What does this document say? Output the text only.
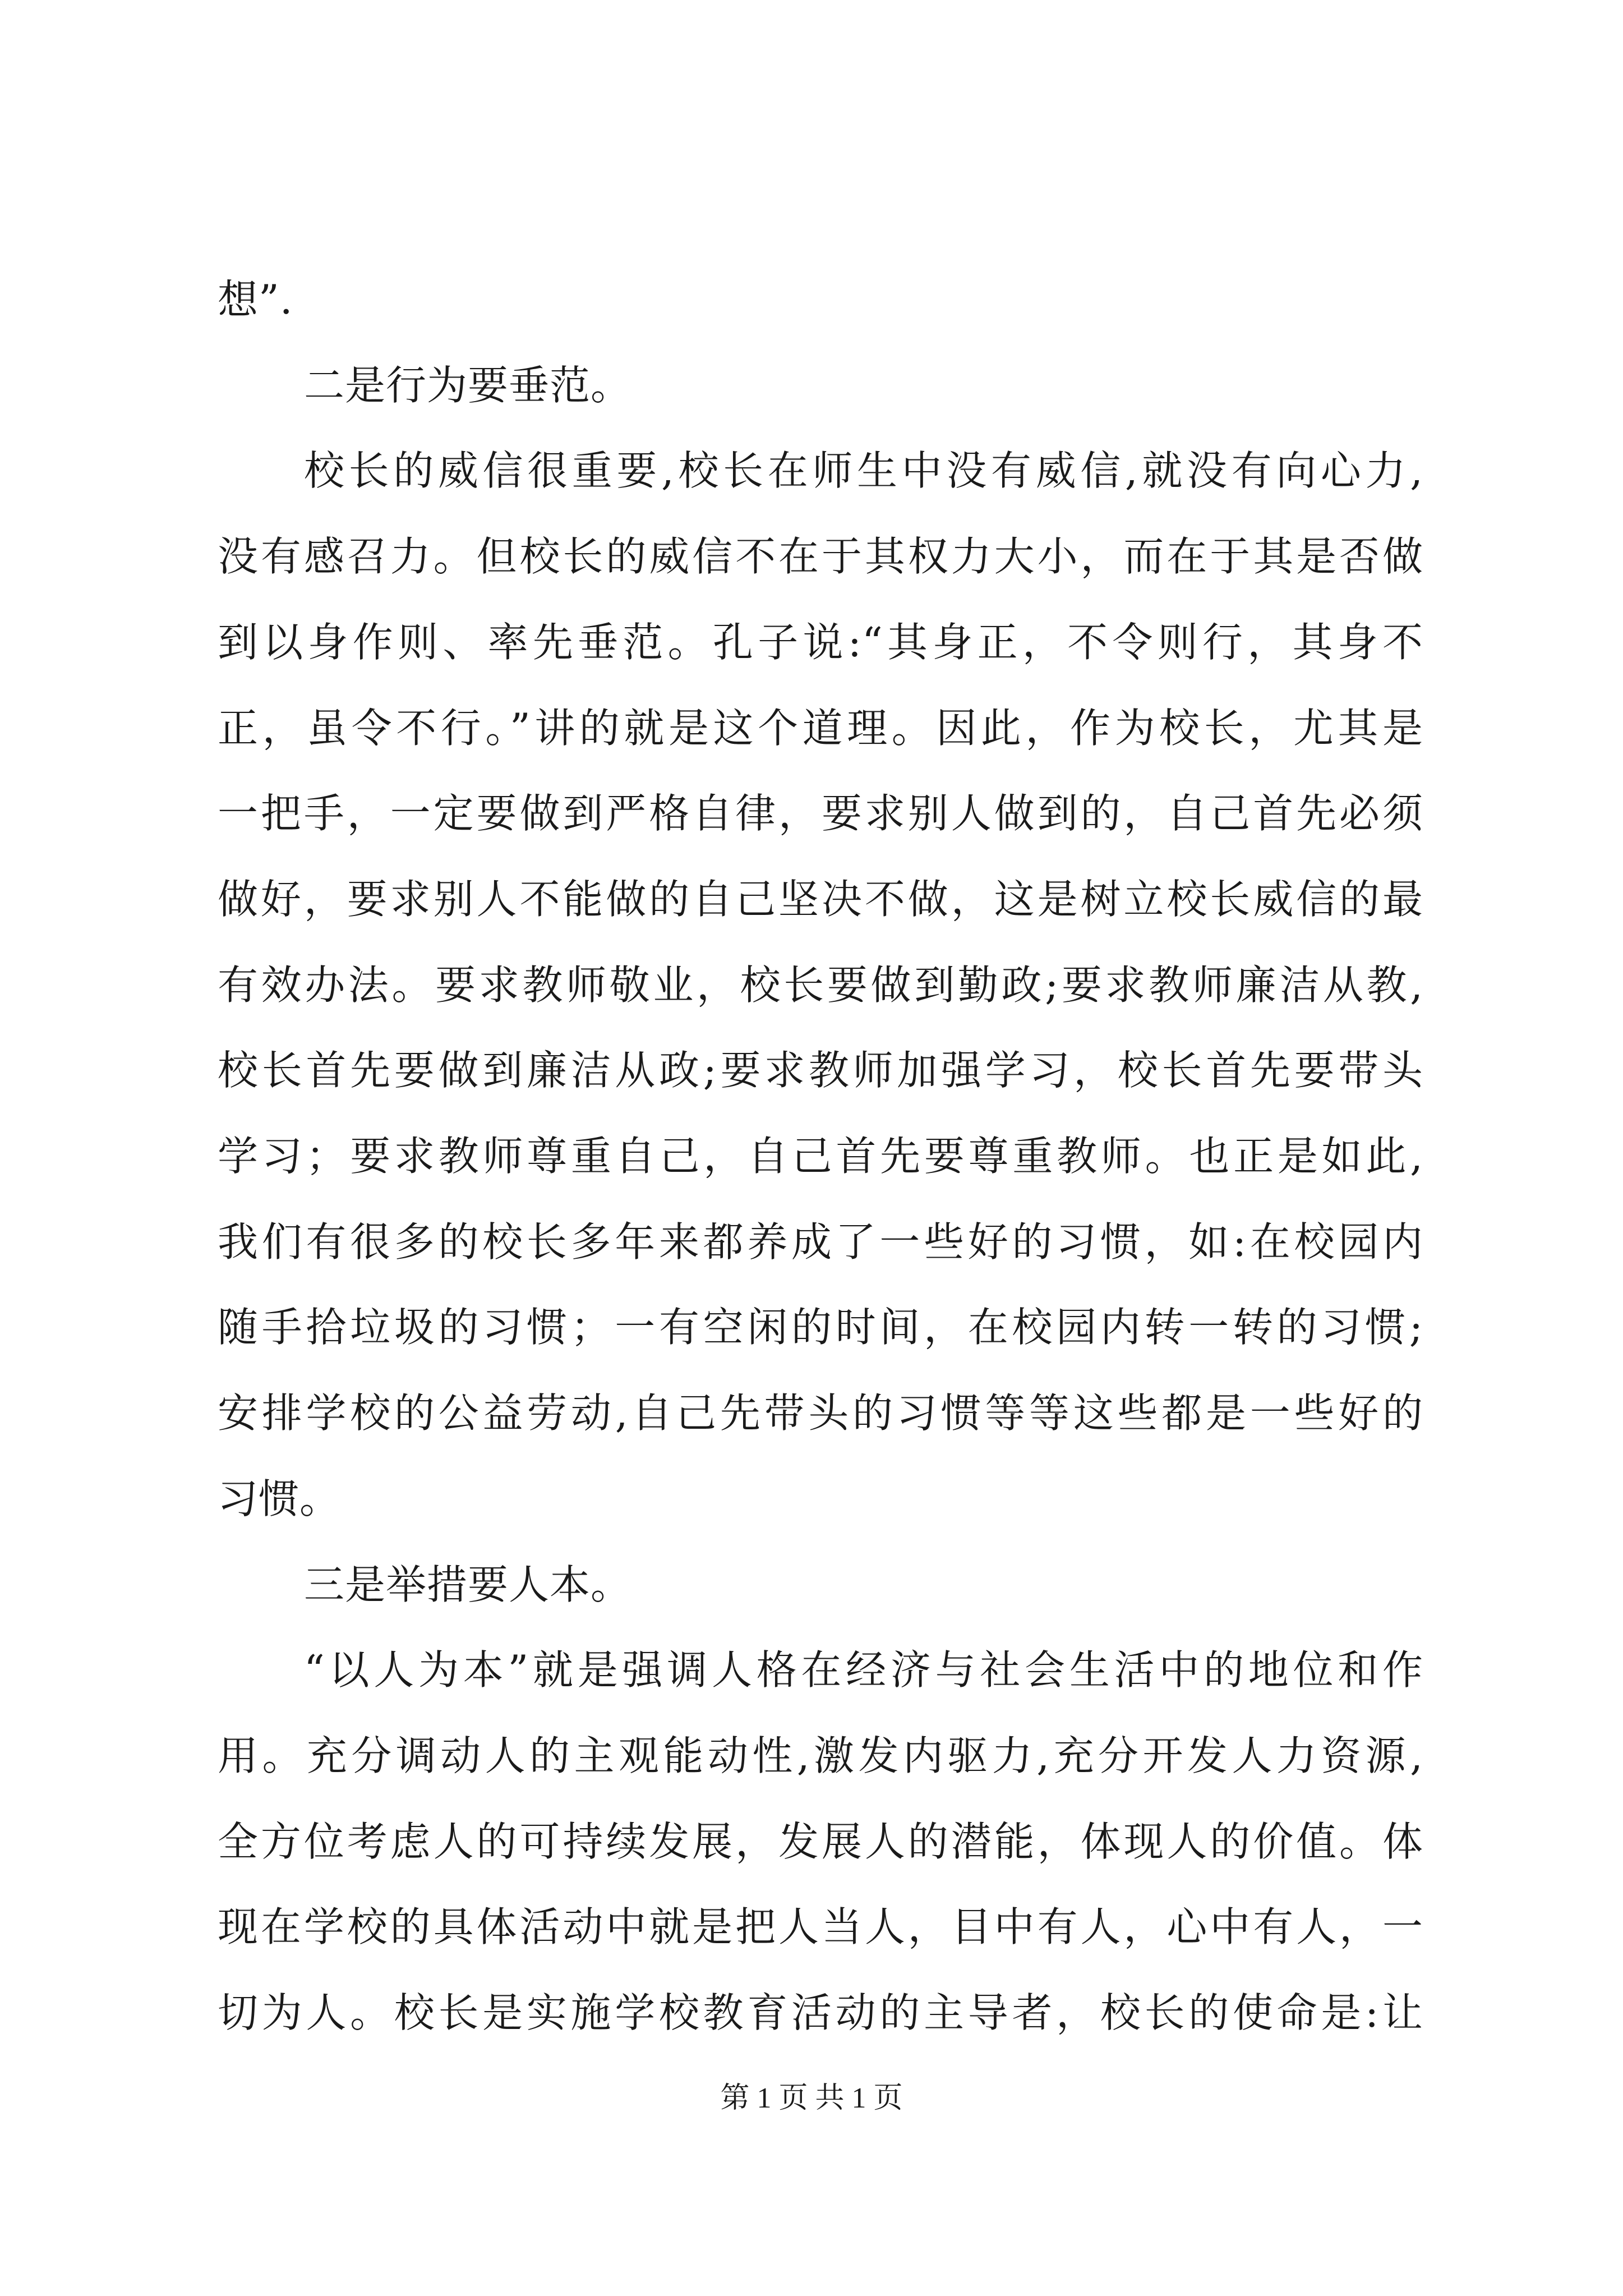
想”.
二是行为要垂范。
校长的威信很重要,校长在师生中没有威信,就没有向心力,
没有感召力。但校长的威信不在于其权力大小，而在于其是否做
到以身作则、率先垂范。孔子说:“其身正，不令则行，其身不
正，虽令不行。”讲的就是这个道理。因此，作为校长，尤其是
一把手，一定要做到严格自律，要求别人做到的，自己首先必须
做好，要求别人不能做的自己坚决不做，这是树立校长威信的最
有效办法。要求教师敬业，校长要做到勤政;要求教师廉洁从教,
校长首先要做到廉洁从政;要求教师加强学习，校长首先要带头
学习；要求教师尊重自己，自己首先要尊重教师。也正是如此,
我们有很多的校长多年来都养成了一些好的习惯，如:在校园内
随手拾垃圾的习惯；一有空闲的时间，在校园内转一转的习惯;
安排学校的公益劳动,自己先带头的习惯等等这些都是一些好的
习惯。
三是举措要人本。
“以人为本”就是强调人格在经济与社会生活中的地位和作
用。充分调动人的主观能动性,激发内驱力,充分开发人力资源,
全方位考虑人的可持续发展，发展人的潜能，体现人的价值。体
现在学校的具体活动中就是把人当人，目中有人，心中有人，一
切为人。校长是实施学校教育活动的主导者，校长的使命是:让
第 1 页 共 1 页
